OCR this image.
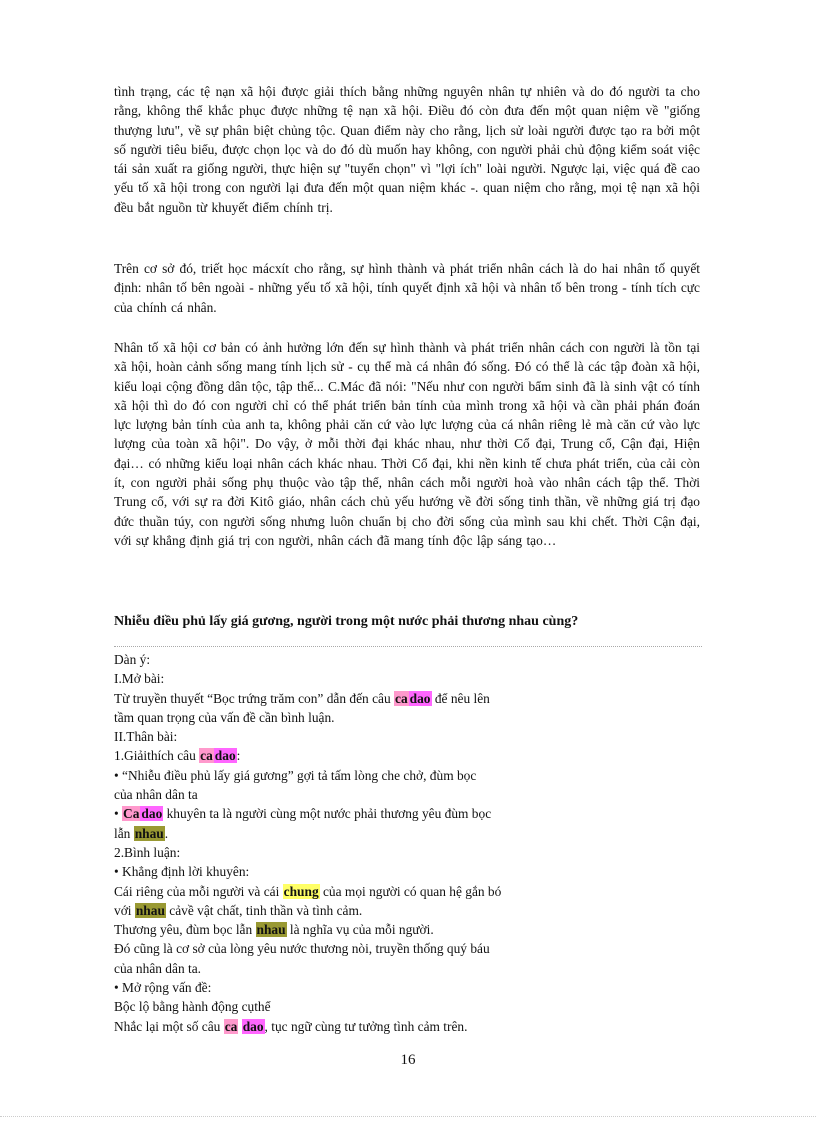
tình trạng, các tệ nạn xã hội được giải thích bằng những nguyên nhân tự nhiên và do đó người ta cho rằng, không thể khắc phục được những tệ nạn xã hội. Điều đó còn đưa đến một quan niệm về "giống thượng lưu", về sự phân biệt chủng tộc. Quan điểm này cho rằng, lịch sử loài người được tạo ra bởi một số người tiêu biểu, được chọn lọc và do đó dù muốn hay không, con người phải chủ động kiểm soát việc tái sản xuất ra giống người, thực hiện sự "tuyển chọn" vì "lợi ích" loài người. Ngược lại, việc quá đề cao yếu tố xã hội trong con người lại đưa đến một quan niệm khác -. quan niệm cho rằng, mọi tệ nạn xã hội đều bắt nguồn từ khuyết điểm chính trị.
Trên cơ sở đó, triết học mácxít cho rằng, sự hình thành và phát triển nhân cách là do hai nhân tố quyết định: nhân tố bên ngoài - những yếu tố xã hội, tính quyết định xã hội và nhân tố bên trong - tính tích cực của chính cá nhân.
Nhân tố xã hội cơ bản có ảnh hưởng lớn đến sự hình thành và phát triển nhân cách con người là tồn tại xã hội, hoàn cảnh sống mang tính lịch sử - cụ thể mà cá nhân đó sống. Đó có thể là các tập đoàn xã hội, kiểu loại cộng đồng dân tộc, tập thể... C.Mác đã nói: "Nếu như con người bẩm sinh đã là sinh vật có tính xã hội thì do đó con người chỉ có thể phát triển bản tính của mình trong xã hội và cần phải phán đoán lực lượng bản tính của anh ta, không phải căn cứ vào lực lượng của cá nhân riêng lẻ mà căn cứ vào lực lượng của toàn xã hội". Do vậy, ở mỗi thời đại khác nhau, như thời Cổ đại, Trung cổ, Cận đại, Hiện đại… có những kiểu loại nhân cách khác nhau. Thời Cổ đại, khi nền kinh tế chưa phát triển, của cải còn ít, con người phải sống phụ thuộc vào tập thể, nhân cách mỗi người hoà vào nhân cách tập thể. Thời Trung cổ, với sự ra đời Kitô giáo, nhân cách chủ yếu hướng về đời sống tinh thần, về những giá trị đạo đức thuần túy, con người sống nhưng luôn chuẩn bị cho đời sống của mình sau khi chết. Thời Cận đại, với sự khẳng định giá trị con người, nhân cách đã mang tính độc lập sáng tạo…
Nhiễu điều phủ lấy giá gương, người trong một nước phải thương nhau cùng?
Dàn ý:
I.Mở bài:
Từ truyền thuyết “Bọc trứng trăm con” dẫn đến câu ca dao để nêu lên
tầm quan trọng của vấn đề cần bình luận.
II.Thân bài:
1.Giảithích câu ca dao:
• “Nhiễu điều phủ lấy giá gương” gợi tả tấm lòng che chở, đùm bọc
của nhân dân ta
• Ca dao khuyên ta là người cùng một nước phải thương yêu đùm bọc
lẫn nhau.
2.Bình luận:
• Khẳng định lời khuyên:
Cái riêng của mỗi người và cái chung của mọi người có quan hệ gắn bó
với nhau cảvề vật chất, tinh thần và tình cảm.
Thương yêu, đùm bọc lẫn nhau là nghĩa vụ của mỗi người.
Đó cũng là cơ sở của lòng yêu nước thương nòi, truyền thống quý báu
của nhân dân ta.
• Mở rộng vấn đề:
Bộc lộ bằng hành động cụthể
Nhắc lại một số câu ca dao, tục ngữ cùng tư tưởng tình cảm trên.
16
